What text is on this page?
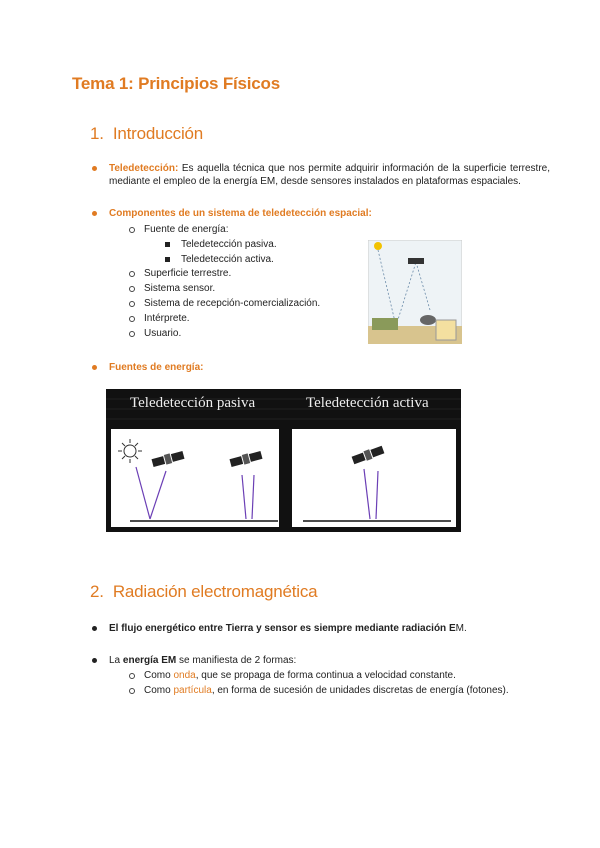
Tema 1: Principios Físicos
1. Introducción
Teledetección: Es aquella técnica que nos permite adquirir información de la superficie terrestre, mediante el empleo de la energía EM, desde sensores instalados en plataformas espaciales.
Componentes de un sistema de teledetección espacial:
Fuente de energía:
Teledetección pasiva.
Teledetección activa.
Superficie terrestre.
Sistema sensor.
Sistema de recepción-comercialización.
Intérprete.
Usuario.
Fuentes de energía:
Teledetección pasiva	Teledetección activa
2. Radiación electromagnética
El flujo energético entre Tierra y sensor es siempre mediante radiación EM.
La energía EM se manifiesta de 2 formas:
Como onda, que se propaga de forma continua a velocidad constante.
Como partícula, en forma de sucesión de unidades discretas de energía (fotones).
